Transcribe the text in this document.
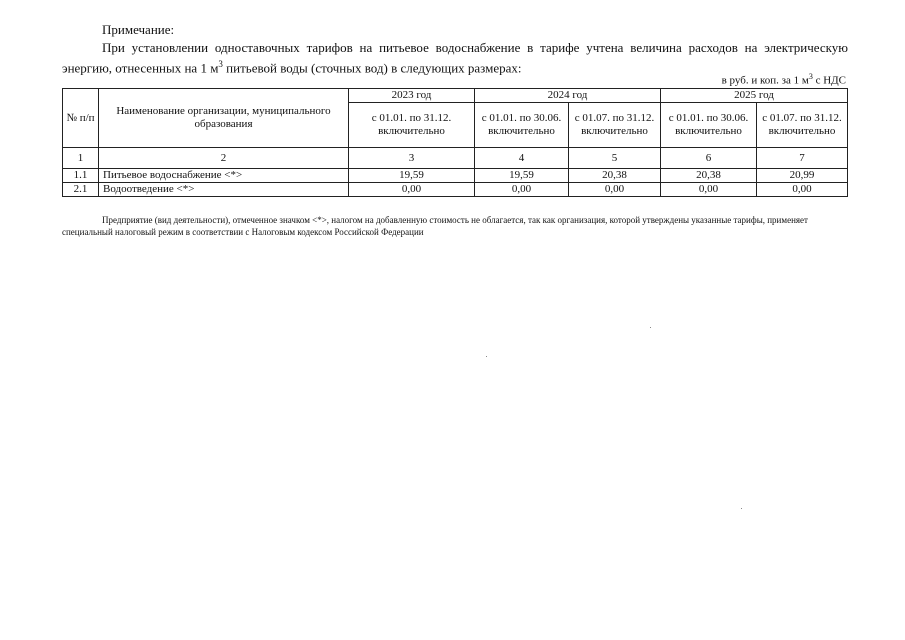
Примечание:
При установлении одноставочных тарифов на питьевое водоснабжение в тарифе учтена величина расходов на электрическую энергию, отнесенных на 1 $м^3$ питьевой воды (сточных вод) в следующих размерах:
в руб. и коп. за 1 $м^3$ с НДС
№ п/п	Наименование организации, муниципального образования	2023 год	2024 год		2025 год	
		с 01.01. по 31.12. включительно	с 01.01. по 30.06. включительно	с 01.07. по 31.12. включительно	с 01.01. по 30.06. включительно	с 01.07. по 31.12. включительно
1	2	3	4	5	6	7
1.1	Питьевое водоснабжение <*>	19,59	19,59	20,38	20,38	20,99
2.1	Водоотведение <*>	0,00	0,00	0,00	0,00	0,00
Предприятие (вид деятельности), отмеченное значком <*>, налогом на добавленную стоимость не облагается, так как организация, которой утверждены указанные тарифы, применяет специальный налоговый режим в соответствии с Налоговым кодексом Российской Федерации
